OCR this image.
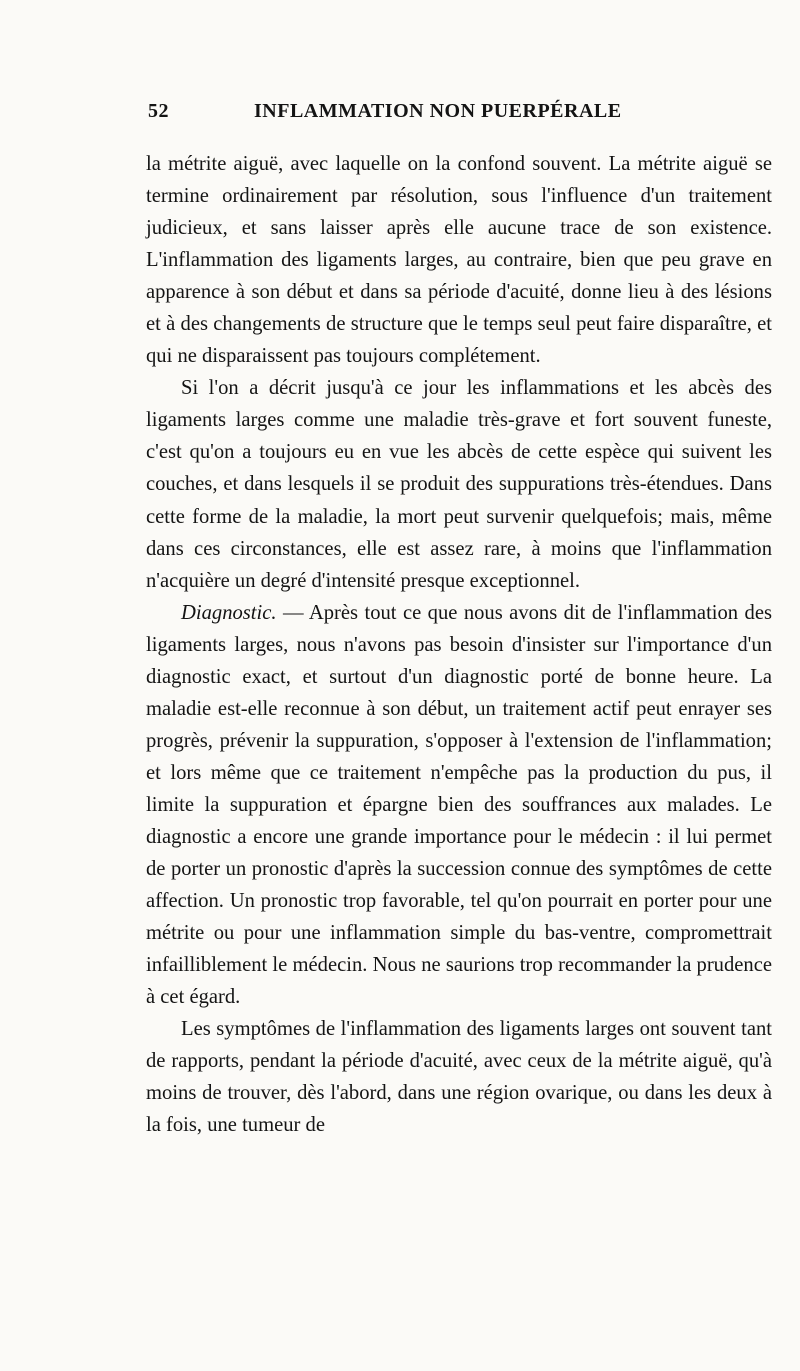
52	INFLAMMATION NON PUERPÉRALE

la métrite aiguë, avec laquelle on la confond souvent. La métrite aiguë se termine ordinairement par résolution, sous l'influence d'un traitement judicieux, et sans laisser après elle aucune trace de son existence. L'inflammation des ligaments larges, au contraire, bien que peu grave en apparence à son début et dans sa période d'acuité, donne lieu à des lésions et à des changements de structure que le temps seul peut faire disparaître, et qui ne disparaissent pas toujours complétement.

Si l'on a décrit jusqu'à ce jour les inflammations et les abcès des ligaments larges comme une maladie très-grave et fort souvent funeste, c'est qu'on a toujours eu en vue les abcès de cette espèce qui suivent les couches, et dans lesquels il se produit des suppurations très-étendues. Dans cette forme de la maladie, la mort peut survenir quelquefois; mais, même dans ces circonstances, elle est assez rare, à moins que l'inflammation n'acquière un degré d'intensité presque exceptionnel.

Diagnostic. — Après tout ce que nous avons dit de l'inflammation des ligaments larges, nous n'avons pas besoin d'insister sur l'importance d'un diagnostic exact, et surtout d'un diagnostic porté de bonne heure. La maladie est-elle reconnue à son début, un traitement actif peut enrayer ses progrès, prévenir la suppuration, s'opposer à l'extension de l'inflammation; et lors même que ce traitement n'empêche pas la production du pus, il limite la suppuration et épargne bien des souffrances aux malades. Le diagnostic a encore une grande importance pour le médecin : il lui permet de porter un pronostic d'après la succession connue des symptômes de cette affection. Un pronostic trop favorable, tel qu'on pourrait en porter pour une métrite ou pour une inflammation simple du bas-ventre, compromettrait infailliblement le médecin. Nous ne saurions trop recommander la prudence à cet égard.

Les symptômes de l'inflammation des ligaments larges ont souvent tant de rapports, pendant la période d'acuité, avec ceux de la métrite aiguë, qu'à moins de trouver, dès l'abord, dans une région ovarique, ou dans les deux à la fois, une tumeur de
